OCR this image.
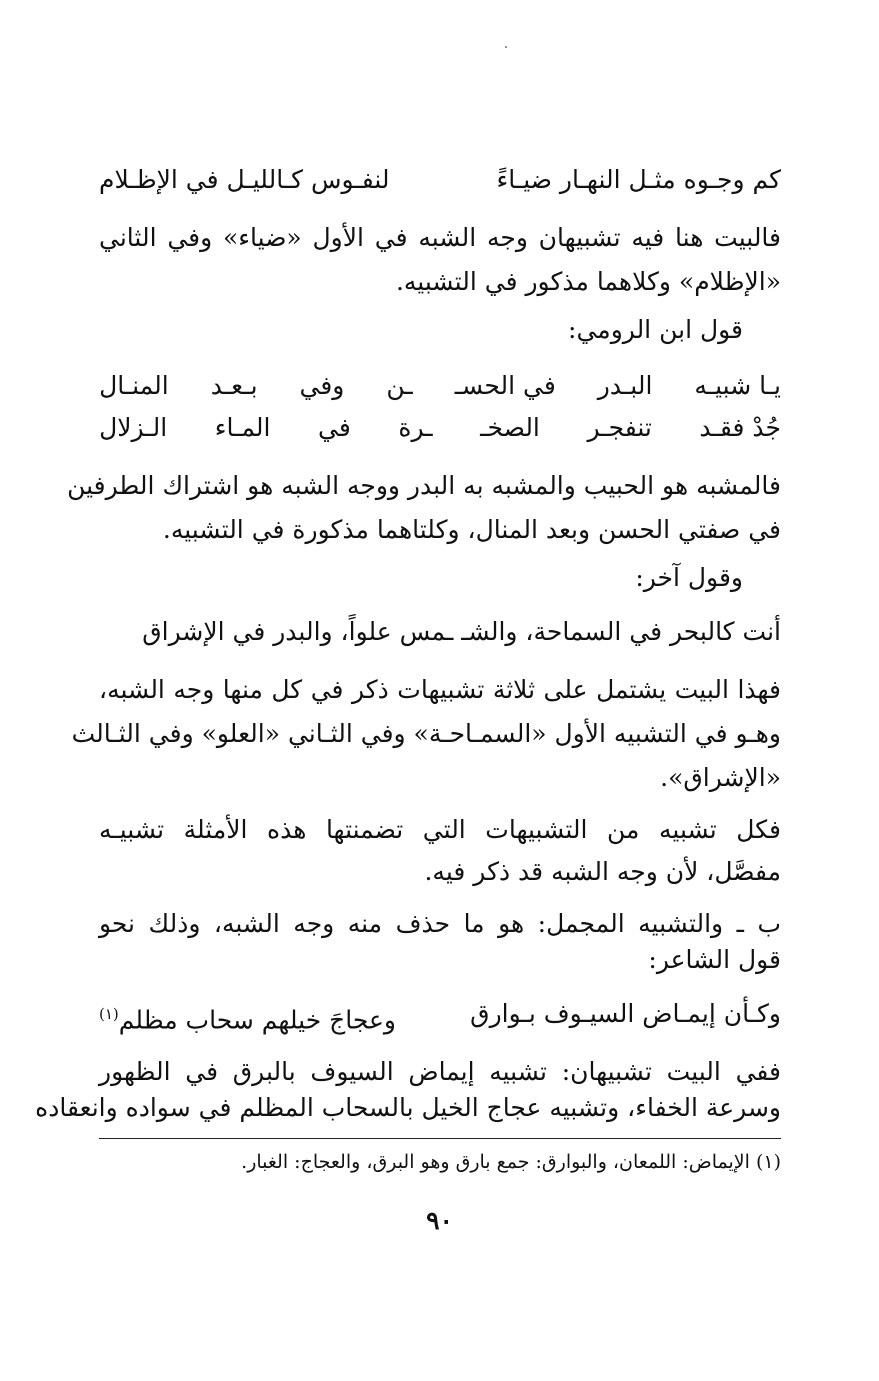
كم وجـوه مثـل النهـار ضيـاءً
لنفـوس كـالليـل في الإظـلام
فالبيت هنا فيه تشبيهان وجه الشبه في الأول «ضياء» وفي الثاني
«الإظلام» وكلاهما مذكور في التشبيه.
قول ابن الرومي:
يـا شبيـه
البـدر
في الحسـ
ـن
وفي
بـعـد
المنـال
جُدْ فقـد
تنفجـر
الصخـ
ـرة
في
المـاء
الـزلال
فالمشبه هو الحبيب والمشبه به البدر ووجه الشبه هو اشتراك الطرفين
في صفتي الحسن وبعد المنال، وكلتاهما مذكورة في التشبيه.
وقول آخر:
أنت كالبحر في السماحة، والشـ ـمس علواً، والبدر في الإشراق
فهذا البيت يشتمل على ثلاثة تشبيهات ذكر في كل منها وجه الشبه،
وهـو في التشبيه الأول «السمـاحـة» وفي الثـاني «العلو» وفي الثـالث
«الإشراق».
فكل تشبيه من التشبيهات التي تضمنتها هذه الأمثلة تشبيـه
مفصَّل، لأن وجه الشبه قد ذكر فيه.
ب ـ والتشبيه المجمل: هو ما حذف منه وجه الشبه، وذلك نحو
قول الشاعر:
وكـأن إيمـاض السيـوف بـوارق
وعجاجَ خيلهم سحاب مظلم$^{(١)}$
ففي البيت تشبيهان: تشبيه إيماض السيوف بالبرق في الظهور
وسرعة الخفاء، وتشبيه عجاج الخيل بالسحاب المظلم في سواده وانعقاده
(١) الإيماض: اللمعان، والبوارق: جمع بارق وهو البرق، والعجاج: الغبار.
٩٠
